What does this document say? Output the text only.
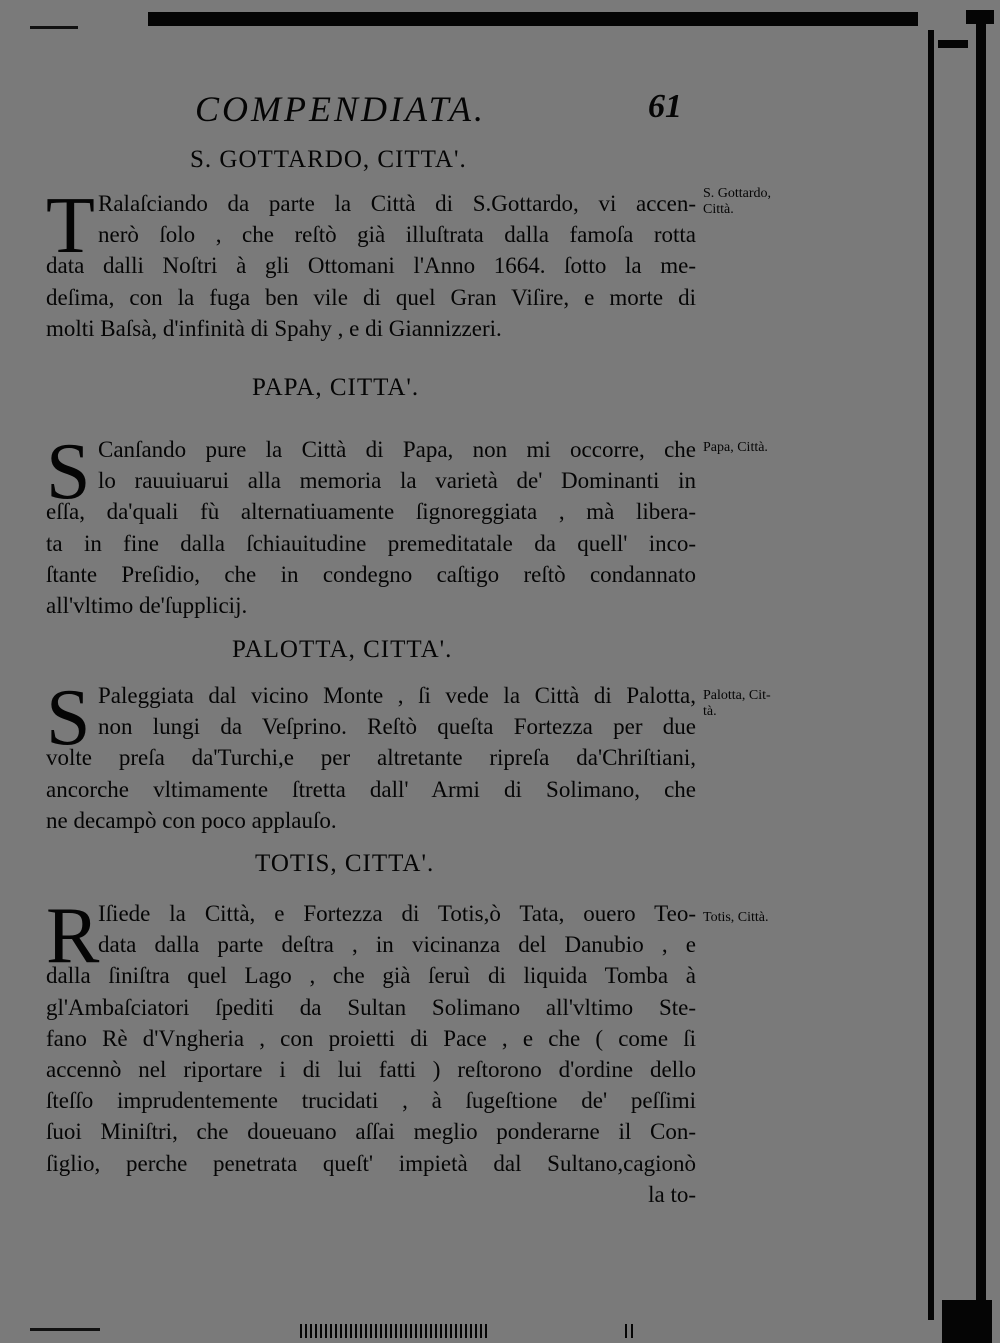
COMPENDIATA.	61
S. GOTTARDO, CITTA'.
T Ralaſciando da parte la Città di S.Gottardo, vi accen-
nerò ſolo , che reſtò già illuſtrata dalla famoſa rotta
data dalli Noſtri à gli Ottomani l'Anno 1664. ſotto la me-
deſima, con la fuga ben vile di quel Gran Viſire, e morte di
molti Baſsà, d'infinità di Spahy , e di Giannizzeri.
S. Gottardo,
Città.
PAPA, CITTA'.
S Canſando pure la Città di Papa, non mi occorre, che
lo rauuiuarui alla memoria la varietà de' Dominanti in
eſſa, da'quali fù alternatiuamente ſignoreggiata , mà libera-
ta in fine dalla ſchiauitudine premeditatale da quell' inco-
ſtante Preſidio, che in condegno caſtigo reſtò condannato
all'vltimo de'ſupplicij.
Papa, Città.
PALOTTA, CITTA'.
S Paleggiata dal vicino Monte , ſi vede la Città di Palotta,
non lungi da Veſprino. Reſtò queſta Fortezza per due
volte preſa da'Turchi,e per altretante ripreſa da'Chriſtiani,
ancorche vltimamente ſtretta dall' Armi di Solimano, che
ne decampò con poco applauſo.
Palotta, Cit-
tà.
TOTIS, CITTA'.
R
Iſiede la Città, e Fortezza di Totis,ò Tata, ouero Teo-
data dalla parte deſtra , in vicinanza del Danubio , e
dalla ſiniſtra quel Lago , che già ſeruì di liquida Tomba à
gl'Ambaſciatori ſpediti da Sultan Solimano all'vltimo Ste-
fano Rè d'Vngheria , con proietti di Pace , e che ( come ſi
accennò nel riportare i di lui fatti ) reſtorono d'ordine dello
ſteſſo imprudentemente trucidati , à ſugeſtione de' peſſimi
ſuoi Miniſtri, che doueuano aſſai meglio ponderarne il Con-
ſiglio, perche penetrata queſt' impietà dal Sultano,cagionò
la to-
Totis, Città.
